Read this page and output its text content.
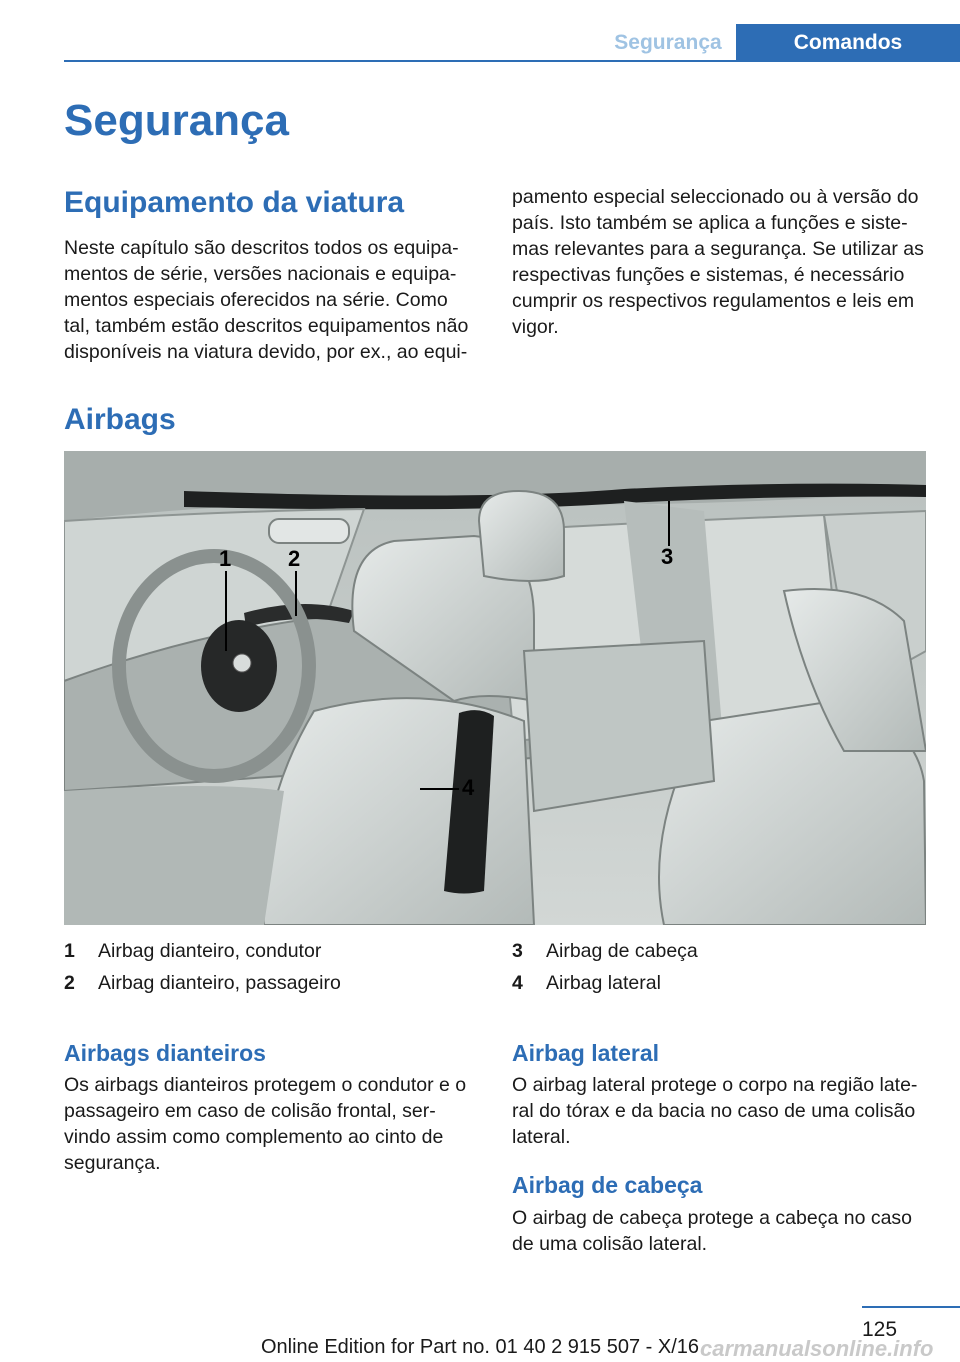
Segurança	Comandos
Segurança
Equipamento da viatura
Neste capítulo são descritos todos os equipa‐
mentos de série, versões nacionais e equipa‐
mentos especiais oferecidos na série. Como
tal, também estão descritos equipamentos não
disponíveis na viatura devido, por ex., ao equi‐
pamento especial seleccionado ou à versão do
país. Isto também se aplica a funções e siste‐
mas relevantes para a segurança. Se utilizar as
respectivas funções e sistemas, é necessário
cumprir os respectivos regulamentos e leis em
vigor.
Airbags
1	2	3
4
1 Airbag dianteiro, condutor
2 Airbag dianteiro, passageiro
3 Airbag de cabeça
4 Airbag lateral
Airbags dianteiros
Os airbags dianteiros protegem o condutor e o
passageiro em caso de colisão frontal, ser‐
vindo assim como complemento ao cinto de
segurança.
Airbag lateral
O airbag lateral protege o corpo na região late‐
ral do tórax e da bacia no caso de uma colisão
lateral.
Airbag de cabeça
O airbag de cabeça protege a cabeça no caso
de uma colisão lateral.
125
Online Edition for Part no. 01 40 2 915 507 - X/16 carmanualsonline.info
